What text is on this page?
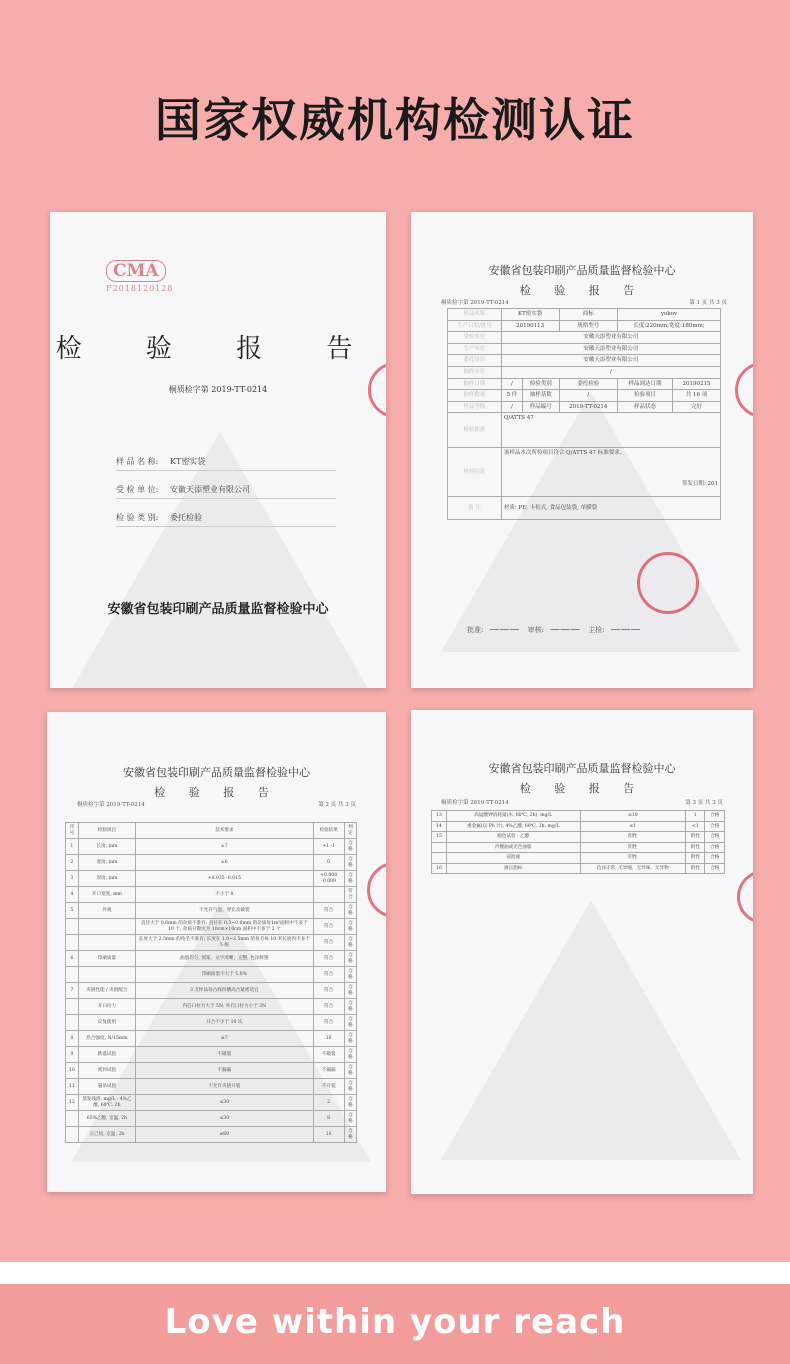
国家权威机构检测认证
CMA
F2018120128
检 验 报 告
桐质检字第 2019-TT-0214
样 品 名 称: KT密实袋
受 检 单 位: 安徽天添塑业有限公司
检 验 类 别: 委托检验
安徽省包装印刷产品质量监督检验中心
安徽省包装印刷产品质量监督检验中心
检 验 报 告
桐质检字第 2019-TT-0214	第 1 页 共 3 页
样品名称	KT密实袋		商标	yokov	
生产日期/批号	20190113		规格型号	长度:220mm;宽度:180mm;	
受检单位	安徽天添塑业有限公司				
生产单位	安徽天添塑业有限公司				
委托单位	安徽天添塑业有限公司				
抽样单位	/				
抽样日期	/	检验类别	委托检验	样品到达日期	20190215
抽样数量	5 件	抽样基数	/	检验项目	共 16 项
样品等级	/	样品编号	2019-TT-0214	样品状态	完好
检验依据	Q/ATTS 47				
检验结论	该样品本次所检项目符合 Q/ATTS 47 标准要求。
签发日期: 201				

备 注	材质: PE, 卡扣式, 食品包装袋, 单膜袋				
批准: ——— 审核: ——— 主检: ———
安徽省包装印刷产品质量监督检验中心
检 验 报 告
桐质检字第 2019-TT-0214	第 2 页 共 3 页
序号	检验项目	技术要求	检验结果	判定
1	长度, mm	±7	+1 -1	合格
2	宽度, mm	±6	0	合格
3	厚度, mm	+0.035 -0.015	+0.008 -0.009	合格
4	开口宽度, mm	不小于 8		符合
5	外观	不允许气泡、穿孔及破裂	符合	合格
		直径大于 0.6mm 的杂质不准有; 直径在 0.3~0.6mm 的杂质每1m²面积中不多于 10 个, 杂质分散度为 10cm×10cm 面积中不多于 2 个	符合	合格
		长度大于 2.5mm 的鱼毛不准有; 长度在 1.0~2.5mm 的鱼毛每 10 米长度内不多于 5 根	符合	合格
6	印刷质量	油墨均匀, 图案、文字清晰、完整, 色泽鲜艳	符合	合格
		印刷面墨不大于 5.0%	符合	合格
7	夹链性能 / 夹链配合	3 支样品每凸线凹槽高合紧密适宜	符合	合格
	开口拉力	内启口拉力大于 5N, 外启口拉力小于 3N	符合	合格
	反复使用	开合不少于 10 次	符合	合格
8	热合强度, N/15mm	≥7	16	合格
9	跌落试验	不破裂	不破裂	合格
10	密封试验	不漏漏	不漏漏	合格
11	悬吊试验	不允许夹链开裂	不开裂	合格
12	蒸发残渣, mg/L · 4%乙酸, 60℃, 2h	≤30	2	合格
	65%乙醇, 室温, 2h	≤30	8	合格
	正己烷, 室温, 2h	≤60	10	合格
安徽省包装印刷产品质量监督检验中心
检 验 报 告
桐质检字第 2019-TT-0214	第 3 页 共 3 页
13	高锰酸钾消耗量(水, 60℃, 2h), mg/L	≤10	1	合格
14	重金属(以 Pb 计), 4%乙酸, 60℃, 2h, mg/L	≤1	<1	合格
15	脱色试验 · 乙醇	阴性	阴性	合格
	冷餐油或无色油脂	阴性	阴性	合格
	浸泡液	阴性	阴性	合格
16	感官指标	色泽正常, 无异嗅、无异味、无异物	阴性	合格
Love within your reach
